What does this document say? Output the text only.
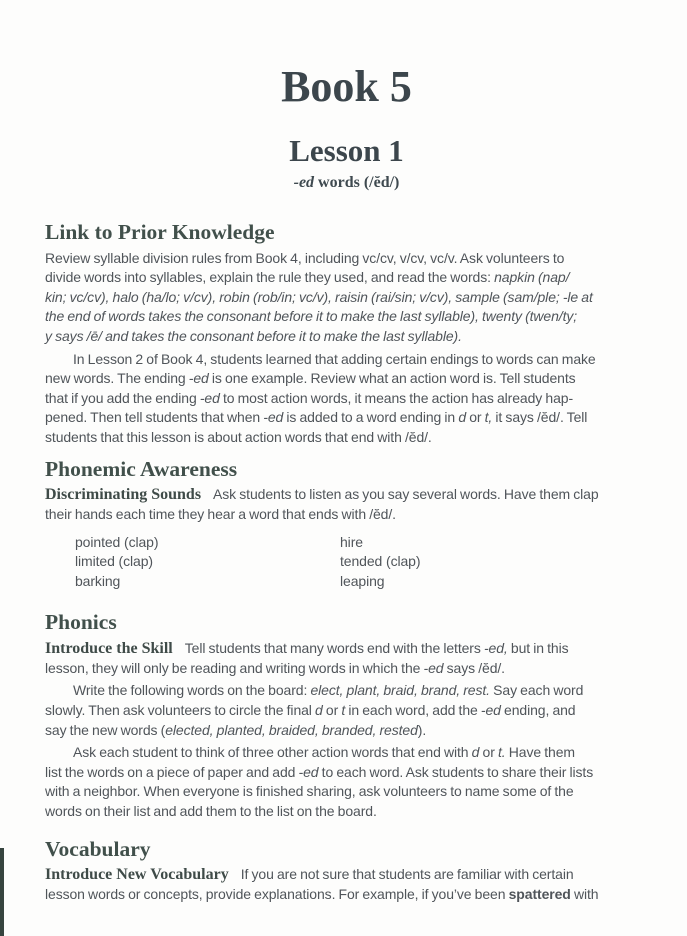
Book 5
Lesson 1
-ed words (/ĕd/)
Link to Prior Knowledge

Review syllable division rules from Book 4, including vc/cv, v/cv, vc/v. Ask volunteers to
divide words into syllables, explain the rule they used, and read the words: napkin (nap/
kin; vc/cv), halo (ha/lo; v/cv), robin (rob/in; vc/v), raisin (rai/sin; v/cv), sample (sam/ple; -le at
the end of words takes the consonant before it to make the last syllable), twenty (twen/ty;
y says /ē/ and takes the consonant before it to make the last syllable).

In Lesson 2 of Book 4, students learned that adding certain endings to words can make
new words. The ending -ed is one example. Review what an action word is. Tell students
that if you add the ending -ed to most action words, it means the action has already hap-
pened. Then tell students that when -ed is added to a word ending in d or t, it says /ĕd/. Tell
students that this lesson is about action words that end with /ĕd/.

Phonemic Awareness

Discriminating Sounds Ask students to listen as you say several words. Have them clap
their hands each time they hear a word that ends with /ĕd/.

pointed (clap)
limited (clap)
barking
hire
tended (clap)
leaping
Phonics

Introduce the Skill Tell students that many words end with the letters -ed, but in this
lesson, they will only be reading and writing words in which the -ed says /ĕd/.

Write the following words on the board: elect, plant, braid, brand, rest. Say each word
slowly. Then ask volunteers to circle the final d or t in each word, add the -ed ending, and
say the new words (elected, planted, braided, branded, rested).

Ask each student to think of three other action words that end with d or t. Have them
list the words on a piece of paper and add -ed to each word. Ask students to share their lists
with a neighbor. When everyone is finished sharing, ask volunteers to name some of the
words on their list and add them to the list on the board.

Vocabulary

Introduce New Vocabulary If you are not sure that students are familiar with certain
lesson words or concepts, provide explanations. For example, if you’ve been spattered with
